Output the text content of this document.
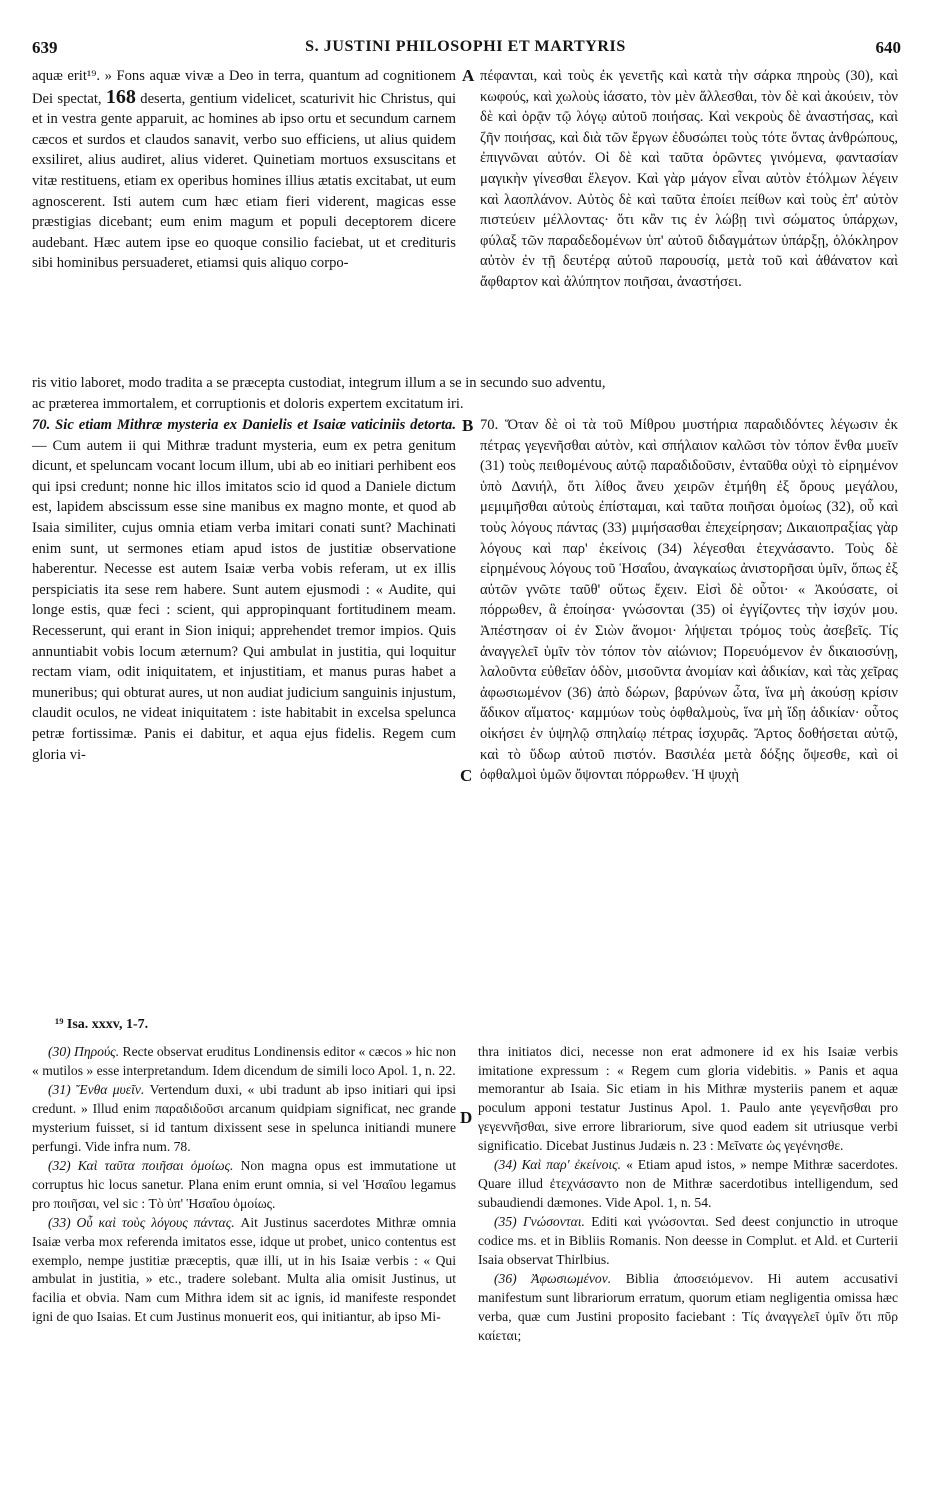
639	S. JUSTINI PHILOSOPHI ET MARTYRIS	640
A
B
C
D

aquæ erit¹⁹. » Fons aquæ vivæ a Deo in terra, quantum ad cognitionem Dei spectat, 168 deserta, gentium videlicet, scaturivit hic Christus, qui et in vestra gente apparuit, ac homines ab ipso ortu et secundum carnem cæcos et surdos et claudos sanavit, verbo suo efficiens, ut alius quidem exsiliret, alius audiret, alius videret. Quinetiam mortuos exsuscitans et vitæ restituens, etiam ex operibus homines illius ætatis excitabat, ut eum agnoscerent. Isti autem cum hæc etiam fieri viderent, magicas esse præstigias dicebant; eum enim magum et populi deceptorem dicere audebant. Hæc autem ipse eo quoque consilio faciebat, ut et credituris sibi hominibus persuaderet, etiamsi quis aliquo corpo-

πέφανται, καὶ τοὺς ἐκ γενετῆς καὶ κατὰ τὴν σάρκα πηροὺς (30), καὶ κωφούς, καὶ χωλοὺς ἰάσατο, τὸν μὲν ἅλλεσθαι, τὸν δὲ καὶ ἀκούειν, τὸν δὲ καὶ ὁρᾷν τῷ λόγῳ αὐτοῦ ποιήσας. Καὶ νεκροὺς δὲ ἀναστήσας, καὶ ζῆν ποιήσας, καὶ διὰ τῶν ἔργων ἐδυσώπει τοὺς τότε ὄντας ἀνθρώπους, ἐπιγνῶναι αὐτόν. Οἱ δὲ καὶ ταῦτα ὁρῶντες γινόμενα, φαντασίαν μαγικὴν γίνεσθαι ἔλεγον. Καὶ γὰρ μάγον εἶναι αὐτὸν ἐτόλμων λέγειν καὶ λαοπλάνον. Αὐτὸς δὲ καὶ ταῦτα ἐποίει πείθων καὶ τοὺς ἐπ' αὐτὸν πιστεύειν μέλλοντας· ὅτι κἂν τις ἐν λώβῃ τινὶ σώματος ὑπάρχων, φύλαξ τῶν παραδεδομένων ὑπ' αὐτοῦ διδαγμάτων ὑπάρξῃ, ὁλόκληρον αὐτὸν ἐν τῇ δευτέρᾳ αὐτοῦ παρουσίᾳ, μετὰ τοῦ καὶ ἀθάνατον καὶ ἄφθαρτον καὶ ἀλύπητον ποιῆσαι, ἀναστήσει.

ris vitio laboret, modo tradita a se præcepta custodiat, integrum illum a se in secundo suo adventu,
ac præterea immortalem, et corruptionis et doloris expertem excitatum iri.

70. Sic etiam Mithræ mysteria ex Danielis et Isaiæ vaticiniis detorta. — Cum autem ii qui Mithræ tradunt mysteria, eum ex petra genitum dicunt, et speluncam vocant locum illum, ubi ab eo initiari perhibent eos qui ipsi credunt; nonne hic illos imitatos scio id quod a Daniele dictum est, lapidem abscissum esse sine manibus ex magno monte, et quod ab Isaia similiter, cujus omnia etiam verba imitari conati sunt? Machinati enim sunt, ut sermones etiam apud istos de justitiæ observatione haberentur. Necesse est autem Isaiæ verba vobis referam, ut ex illis perspiciatis ita sese rem habere. Sunt autem ejusmodi : « Audite, qui longe estis, quæ feci : scient, qui appropinquant fortitudinem meam. Recesserunt, qui erant in Sion iniqui; apprehendet tremor impios. Quis annuntiabit vobis locum æternum? Qui ambulat in justitia, qui loquitur rectam viam, odit iniquitatem, et injustitiam, et manus puras habet a muneribus; qui obturat aures, ut non audiat judicium sanguinis injustum, claudit oculos, ne videat iniquitatem : iste habitabit in excelsa spelunca petræ fortissimæ. Panis ei dabitur, et aqua ejus fidelis. Regem cum gloria vi-

70. Ὅταν δὲ οἱ τὰ τοῦ Μίθρου μυστήρια παραδιδόντες λέγωσιν ἐκ πέτρας γεγενῆσθαι αὐτὸν, καὶ σπήλαιον καλῶσι τὸν τόπον ἔνθα μυεῖν (31) τοὺς πειθομένους αὐτῷ παραδιδοῦσιν, ἐνταῦθα οὐχὶ τὸ εἰρημένον ὑπὸ Δανιήλ, ὅτι λίθος ἄνευ χειρῶν ἐτμήθη ἐξ ὄρους μεγάλου, μεμιμῆσθαι αὐτοὺς ἐπίσταμαι, καὶ ταῦτα ποιῆσαι ὁμοίως (32), οὗ καὶ τοὺς λόγους πάντας (33) μιμήσασθαι ἐπεχείρησαν; Δικαιοπραξίας γὰρ λόγους καὶ παρ' ἐκείνοις (34) λέγεσθαι ἐτεχνάσαντο. Τοὺς δὲ εἰρημένους λόγους τοῦ Ἡσαΐου, ἀναγκαίως ἀνιστορῆσαι ὑμῖν, ὅπως ἐξ αὐτῶν γνῶτε ταῦθ' οὕτως ἔχειν. Εἰσὶ δὲ οὗτοι· « Ἀκούσατε, οἱ πόρρωθεν, ἃ ἐποίησα· γνώσονται (35) οἱ ἐγγίζοντες τὴν ἰσχύν μου. Ἀπέστησαν οἱ ἐν Σιὼν ἄνομοι· λήψεται τρόμος τοὺς ἀσεβεῖς. Τίς ἀναγγελεῖ ὑμῖν τὸν τόπον τὸν αἰώνιον; Πορευόμενον ἐν δικαιοσύνῃ, λαλοῦντα εὐθεῖαν ὁδὸν, μισοῦντα ἀνομίαν καὶ ἀδικίαν, καὶ τὰς χεῖρας ἀφωσιωμένον (36) ἀπὸ δώρων, βαρύνων ὦτα, ἵνα μὴ ἀκούσῃ κρίσιν ἄδικον αἵματος· καμμύων τοὺς ὀφθαλμοὺς, ἵνα μὴ ἴδῃ ἀδικίαν· οὗτος οἰκήσει ἐν ὑψηλῷ σπηλαίῳ πέτρας ἰσχυρᾶς. Ἄρτος δοθήσεται αὐτῷ, καὶ τὸ ὕδωρ αὐτοῦ πιστόν. Βασιλέα μετὰ δόξης ὄψεσθε, καὶ οἱ ὀφθαλμοὶ ὑμῶν ὄψονται πόρρωθεν. Ἡ ψυχὴ

¹⁹ Isa. xxxv, 1-7.

(30) Πηρούς. Recte observat eruditus Londinensis editor « cæcos » hic non « mutilos » esse interpretandum. Idem dicendum de simili loco Apol. 1, n. 22.

(31) Ἔνθα μυεῖν. Vertendum duxi, « ubi tradunt ab ipso initiari qui ipsi credunt. » Illud enim παραδιδοῦσι arcanum quidpiam significat, nec grande mysterium fuisset, si id tantum dixissent sese in spelunca initiandi munere perfungi. Vide infra num. 78.

(32) Καὶ ταῦτα ποιῆσαι ὁμοίως. Non magna opus est immutatione ut corruptus hic locus sanetur. Plana enim erunt omnia, si vel Ἡσαΐου legamus pro ποιῆσαι, vel sic : Τὸ ὑπ' Ἡσαΐου ὁμοίως.

(33) Οὗ καὶ τοὺς λόγους πάντας. Ait Justinus sacerdotes Mithræ omnia Isaiæ verba mox referenda imitatos esse, idque ut probet, unico contentus est exemplo, nempe justitiæ præceptis, quæ illi, ut in his Isaiæ verbis : « Qui ambulat in justitia, » etc., tradere solebant. Multa alia omisit Justinus, ut facilia et obvia. Nam cum Mithra idem sit ac ignis, id manifeste respondet igni de quo Isaias. Et cum Justinus monuerit eos, qui initiantur, ab ipso Mi-

thra initiatos dici, necesse non erat admonere id ex his Isaiæ verbis imitatione expressum : « Regem cum gloria videbitis. » Panis et aqua memorantur ab Isaia. Sic etiam in his Mithræ mysteriis panem et aquæ poculum apponi testatur Justinus Apol. 1. Paulo ante γεγενῆσθαι pro γεγεννῆσθαι, sive errore librariorum, sive quod eadem sit utriusque verbi significatio. Dicebat Justinus Judæis n. 23 : Μεῖνατε ὡς γεγένησθε.

(34) Καὶ παρ' ἐκείνοις. « Etiam apud istos, » nempe Mithræ sacerdotes. Quare illud ἐτεχνάσαντο non de Mithræ sacerdotibus intelligendum, sed subaudiendi dæmones. Vide Apol. 1, n. 54.

(35) Γνώσονται. Editi καὶ γνώσονται. Sed deest conjunctio in utroque codice ms. et in Bibliis Romanis. Non deesse in Complut. et Ald. et Curterii Isaia observat Thirlbius.

(36) Ἀφωσιωμένον. Biblia ἀποσειόμενον. Hi autem accusativi manifestum sunt librariorum erratum, quorum etiam negligentia omissa hæc verba, quæ cum Justini proposito faciebant : Τίς ἀναγγελεῖ ὑμῖν ὅτι πῦρ καίεται;
